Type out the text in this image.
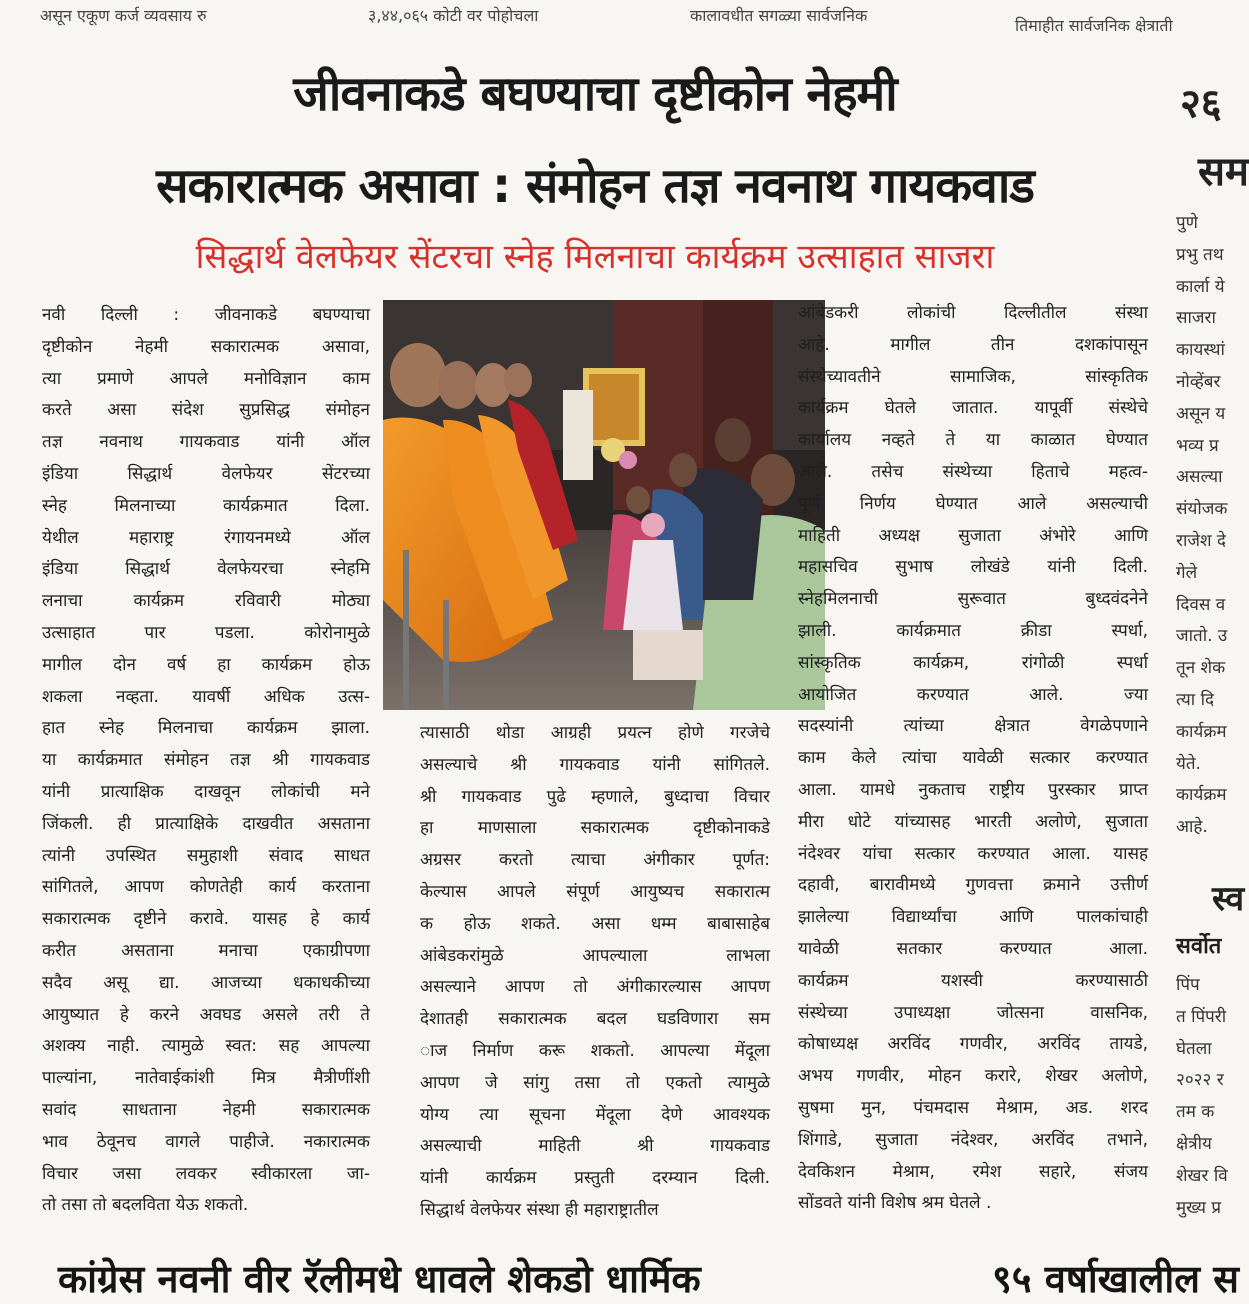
असून एकूण कर्ज व्यवसाय रु	३,४४,०६५ कोटी वर पोहोचला	कालावधीत सगळ्या सार्वजनिक
तिमाहीत सार्वजनिक क्षेत्राती
जीवनाकडे बघण्याचा दृष्टीकोन नेहमी
सकारात्मक असावा : संमोहन तज्ञ नवनाथ गायकवाड
सिद्धार्थ वेलफेयर सेंटरचा स्नेह मिलनाचा कार्यक्रम उत्साहात साजरा
नवी दिल्ली : जीवनाकडे बघण्याचा
दृष्टीकोन नेहमी सकारात्मक असावा,
त्या प्रमाणे आपले मनोविज्ञान काम
करते असा संदेश सुप्रसिद्ध संमोहन
तज्ञ नवनाथ गायकवाड यांनी ऑल
इंडिया सिद्धार्थ वेलफेयर सेंटरच्या
स्नेह मिलनाच्या कार्यक्रमात दिला.
येथील महाराष्ट्र रंगायनमध्ये ऑल
इंडिया सिद्धार्थ वेलफेयरचा स्नेहमि
लनाचा कार्यक्रम रविवारी मोठ्या
उत्साहात पार पडला. कोरोनामुळे
मागील दोन वर्ष हा कार्यक्रम होऊ
शकला नव्हता. यावर्षी अधिक उत्स-
हात स्नेह मिलनाचा कार्यक्रम झाला.
या कार्यक्रमात संमोहन तज्ञ श्री गायकवाड
यांनी प्रात्याक्षिक दाखवून लोकांची मने
जिंकली. ही प्रात्याक्षिके दाखवीत असताना
त्यांनी उपस्थित समुहाशी संवाद साधत
सांगितले, आपण कोणतेही कार्य करताना
सकारात्मक दृष्टीने करावे. यासह हे कार्य
करीत असताना मनाचा एकाग्रीपणा
सदैव असू द्या. आजच्या धकाधकीच्या
आयुष्यात हे करने अवघड असले तरी ते
अशक्य नाही. त्यामुळे स्वत: सह आपल्या
पाल्यांना, नातेवाईकांशी मित्र मैत्रीणींशी
सवांद साधताना नेहमी सकारात्मक
भाव ठेवूनच वागले पाहीजे. नकारात्मक
विचार जसा लवकर स्वीकारला जा-
तो तसा तो बदलविता येऊ शकतो.
त्यासाठी थोडा आग्रही प्रयत्न होणे गरजेचे
असल्याचे श्री गायकवाड यांनी सांगितले.
श्री गायकवाड पुढे म्हणाले, बुध्दाचा विचार
हा माणसाला सकारात्मक दृष्टीकोनाकडे
अग्रसर करतो त्याचा अंगीकार पूर्णत:
केल्यास आपले संपूर्ण आयुष्यच सकारात्म
क होऊ शकते. असा धम्म बाबासाहेब
आंबेडकरांमुळे आपल्याला लाभला
असल्याने आपण तो अंगीकारल्यास आपण
देशातही सकारात्मक बदल घडविणारा सम
ाज निर्माण करू शकतो. आपल्या मेंदूला
आपण जे सांगु तसा तो एकतो त्यामुळे
योग्य त्या सूचना मेंदूला देणे आवश्यक
असल्याची माहिती श्री गायकवाड
यांनी कार्यक्रम प्रस्तुती दरम्यान दिली.
सिद्धार्थ वेलफेयर संस्था ही महाराष्ट्रातील
आंबेडकरी लोकांची दिल्लीतील संस्था
आहे. मागील तीन दशकांपासून
संस्थेच्यावतीने सामाजिक, सांस्कृतिक
कार्यक्रम घेतले जातात. यापूर्वी संस्थेचे
कार्यालय नव्हते ते या काळात घेण्यात
आले. तसेच संस्थेच्या हिताचे महत्व-
पूर्ण निर्णय घेण्यात आले असल्याची
माहिती अध्यक्ष सुजाता अंभोरे आणि
महासचिव सुभाष लोखंडे यांनी दिली.
स्नेहमिलनाची सुरूवात बुध्दवंदनेने
झाली. कार्यक्रमात क्रीडा स्पर्धा,
सांस्कृतिक कार्यक्रम, रांगोळी स्पर्धा
आयोजित करण्यात आले. ज्या
सदस्यांनी त्यांच्या क्षेत्रात वेगळेपणाने
काम केले त्यांचा यावेळी सत्कार करण्यात
आला. यामधे नुकताच राष्ट्रीय पुरस्कार प्राप्त
मीरा धोटे यांच्यासह भारती अलोणे, सुजाता
नंदेश्वर यांचा सत्कार करण्यात आला. यासह
दहावी, बारावीमध्ये गुणवत्ता क्रमाने उत्तीर्ण
झालेल्या विद्यार्थ्यांचा आणि पालकांचाही
यावेळी सतकार करण्यात आला.
कार्यक्रम यशस्वी करण्यासाठी
संस्थेच्या उपाध्यक्षा जोत्सना वासनिक,
कोषाध्यक्ष अरविंद गणवीर, अरविंद तायडे,
अभय गणवीर, मोहन करारे, शेखर अलोणे,
सुषमा मुन, पंचमदास मेश्राम, अड. शरद
शिंगाडे, सुजाता नंदेश्वर, अरविंद तभाने,
देवकिशन मेश्राम, रमेश सहारे, संजय
सोंडवते यांनी विशेष श्रम घेतले .
२६
सम
पुणे
प्रभु तथ
कार्ला ये
साजरा
कायस्थां
नोव्हेंबर
असून य
भव्य प्र
असल्या
संयोजक
राजेश दे
गेले
दिवस व
जातो. उ
तून शेक
त्या दि
कार्यक्रम
येते.
कार्यक्रम
आहे.
स्व
सर्वोत
पिंप
त पिंपरी
घेतला
२०२२ र
तम क
क्षेत्रीय
शेखर वि
मुख्य प्र
कांग्रेस नवनी वीर रॅलीमधे धावले शेकडो धार्मिक	९५ वर्षाखालील स
